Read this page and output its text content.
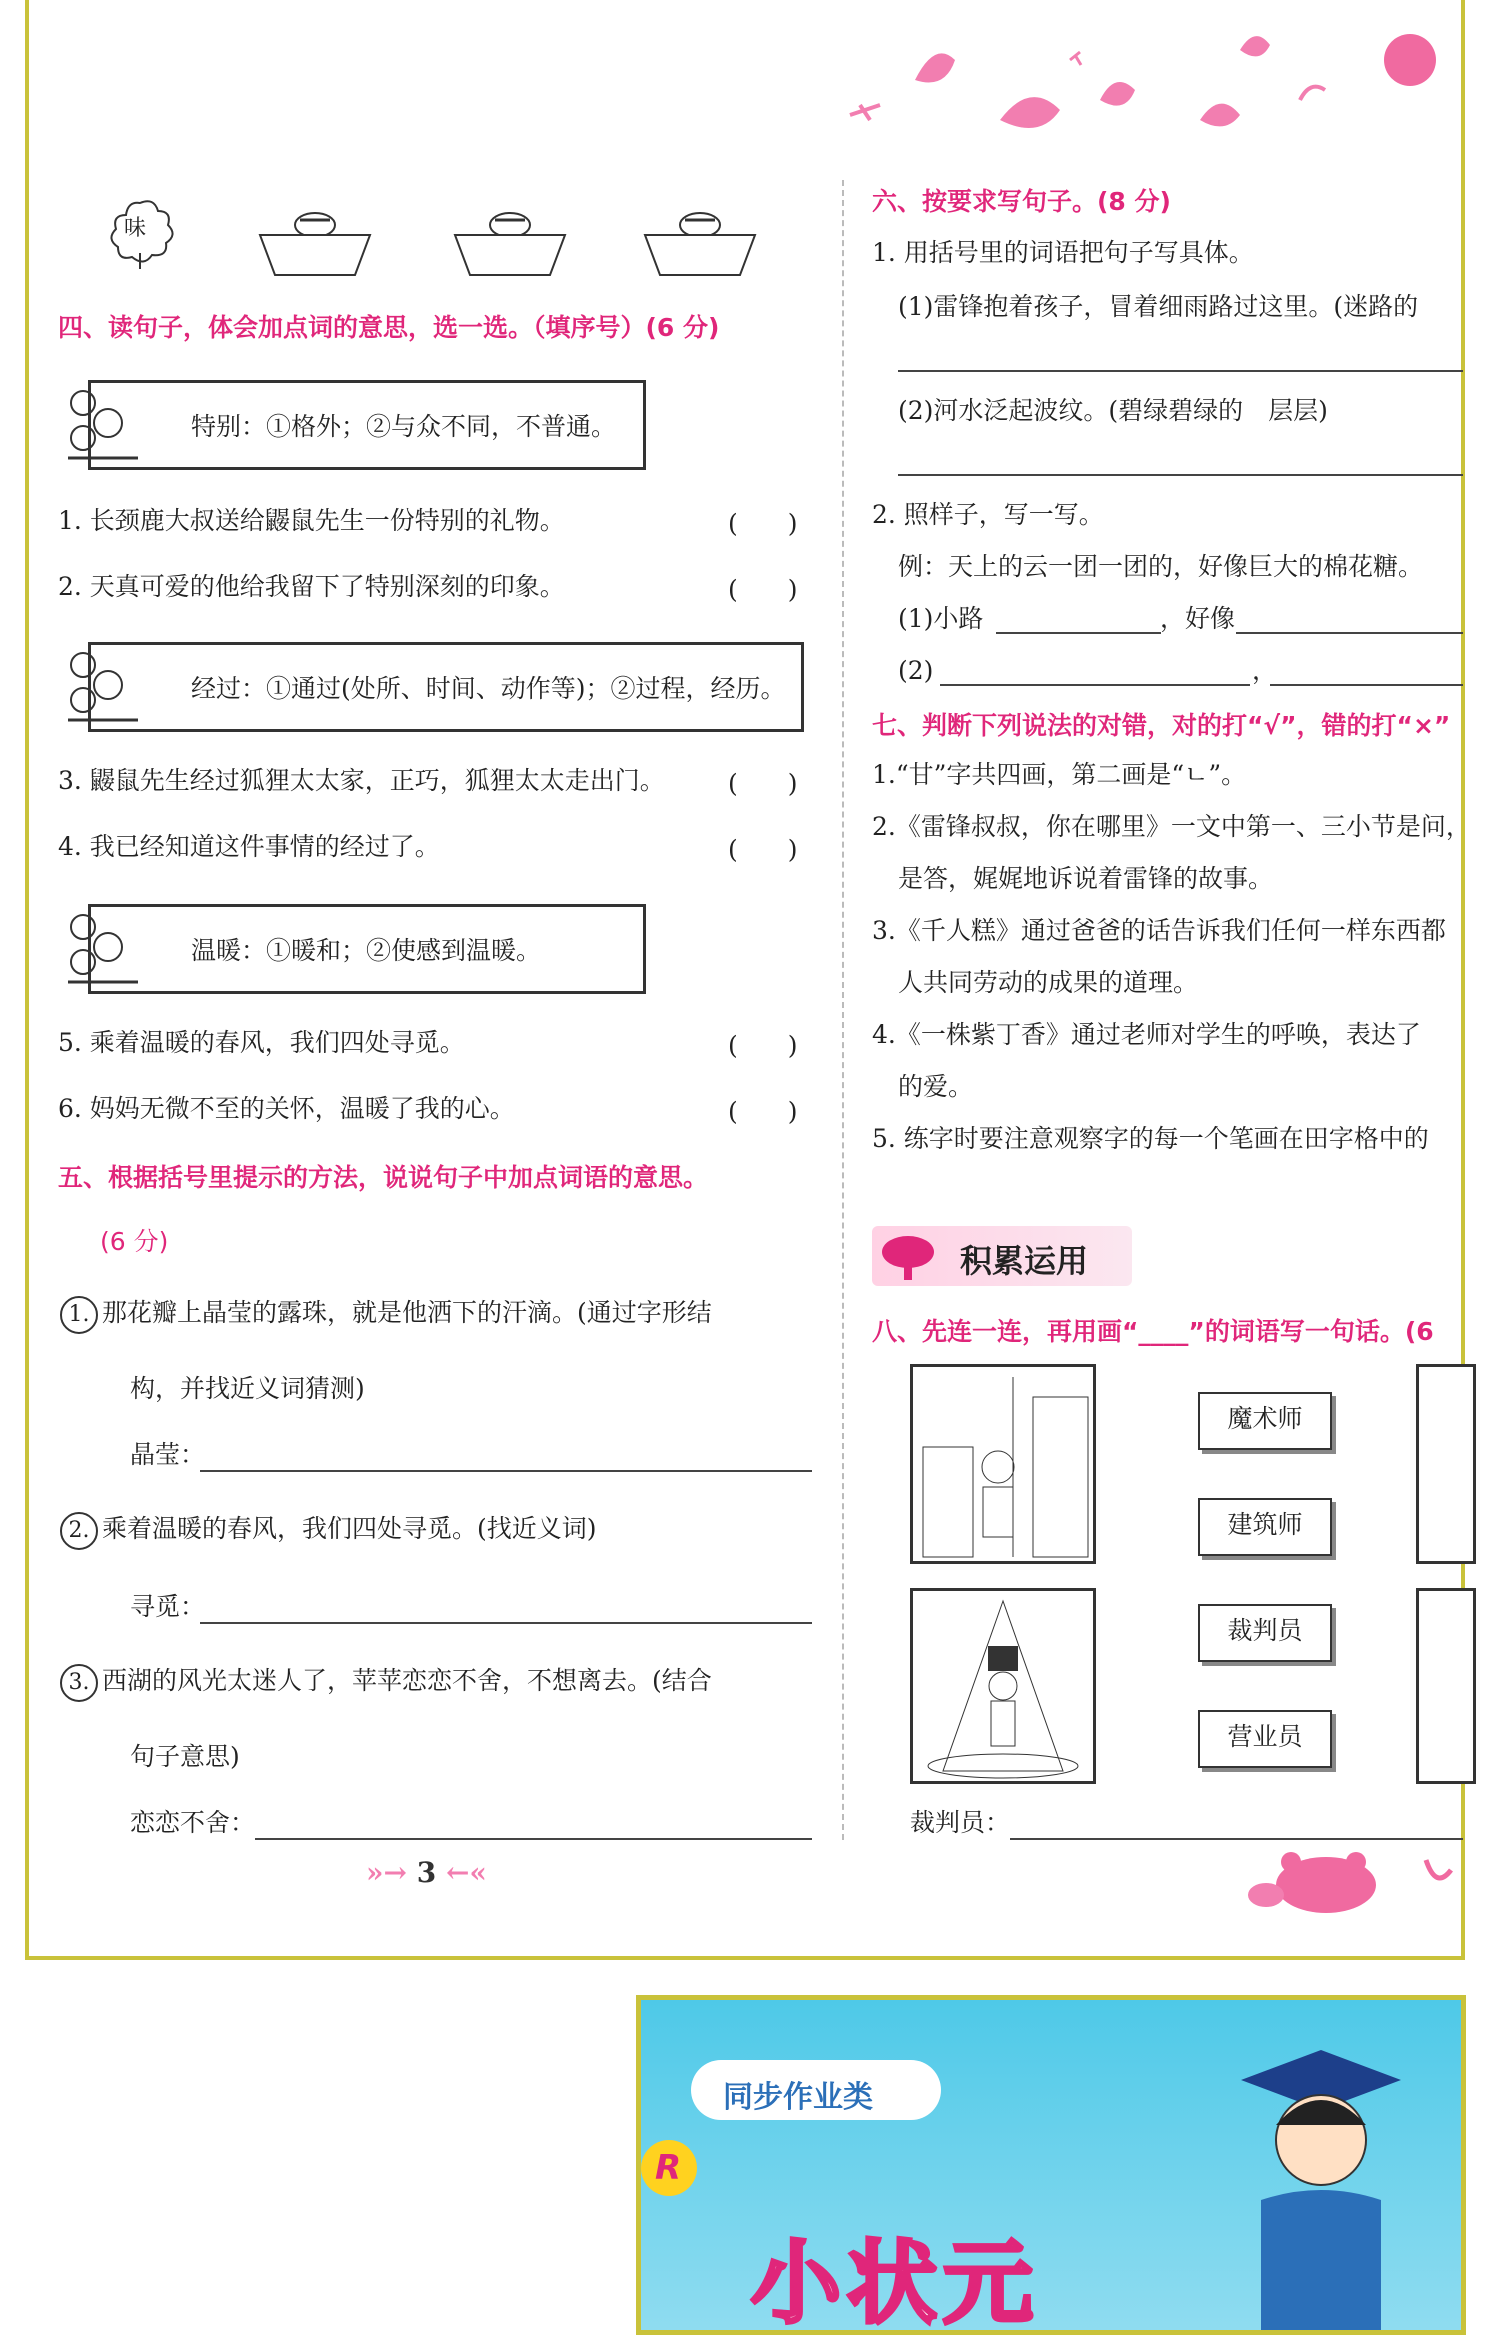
味
四、读句子，体会加点词的意思，选一选。（填序号）(6 分)
特别：①格外；②与众不同，不普通。
1. 长颈鹿大叔送给鼹鼠先生一份特别的礼物。	(　　)
2. 天真可爱的他给我留下了特别深刻的印象。	(　　)
经过：①通过(处所、时间、动作等)；②过程，经历。
3. 鼹鼠先生经过狐狸太太家，正巧，狐狸太太走出门。	(　　)
4. 我已经知道这件事情的经过了。	(　　)
温暖：①暖和；②使感到温暖。
5. 乘着温暖的春风，我们四处寻觅。	(　　)
6. 妈妈无微不至的关怀，温暖了我的心。	(　　)
五、根据括号里提示的方法，说说句子中加点词语的意思。
(6 分)
1. 那花瓣上晶莹的露珠，就是他洒下的汗滴。(通过字形结
构，并找近义词猜测)
晶莹：
2. 乘着温暖的春风，我们四处寻觅。(找近义词)
寻觅：
3. 西湖的风光太迷人了，苹苹恋恋不舍，不想离去。(结合
句子意思)
恋恋不舍：
六、按要求写句子。(8 分)
1. 用括号里的词语把句子写具体。
(1)雷锋抱着孩子，冒着细雨路过这里。(迷路的
(2)河水泛起波纹。(碧绿碧绿的　层层)
2. 照样子，写一写。
例：天上的云一团一团的，好像巨大的棉花糖。
(1)小路	，好像
(2)	，
七、判断下列说法的对错，对的打“√”，错的打“×”
1.“甘”字共四画，第二画是“ㄴ”。
2.《雷锋叔叔，你在哪里》一文中第一、三小节是问，
是答，娓娓地诉说着雷锋的故事。
3.《千人糕》通过爸爸的话告诉我们任何一样东西都
人共同劳动的成果的道理。
4.《一株紫丁香》通过老师对学生的呼唤，表达了
的爱。
5. 练字时要注意观察字的每一个笔画在田字格中的
积累运用
八、先连一连，再用画“____”的词语写一句话。(6
魔术师
建筑师
裁判员
营业员
裁判员：
»→ 3 ←«
同步作业类
R
小状元
